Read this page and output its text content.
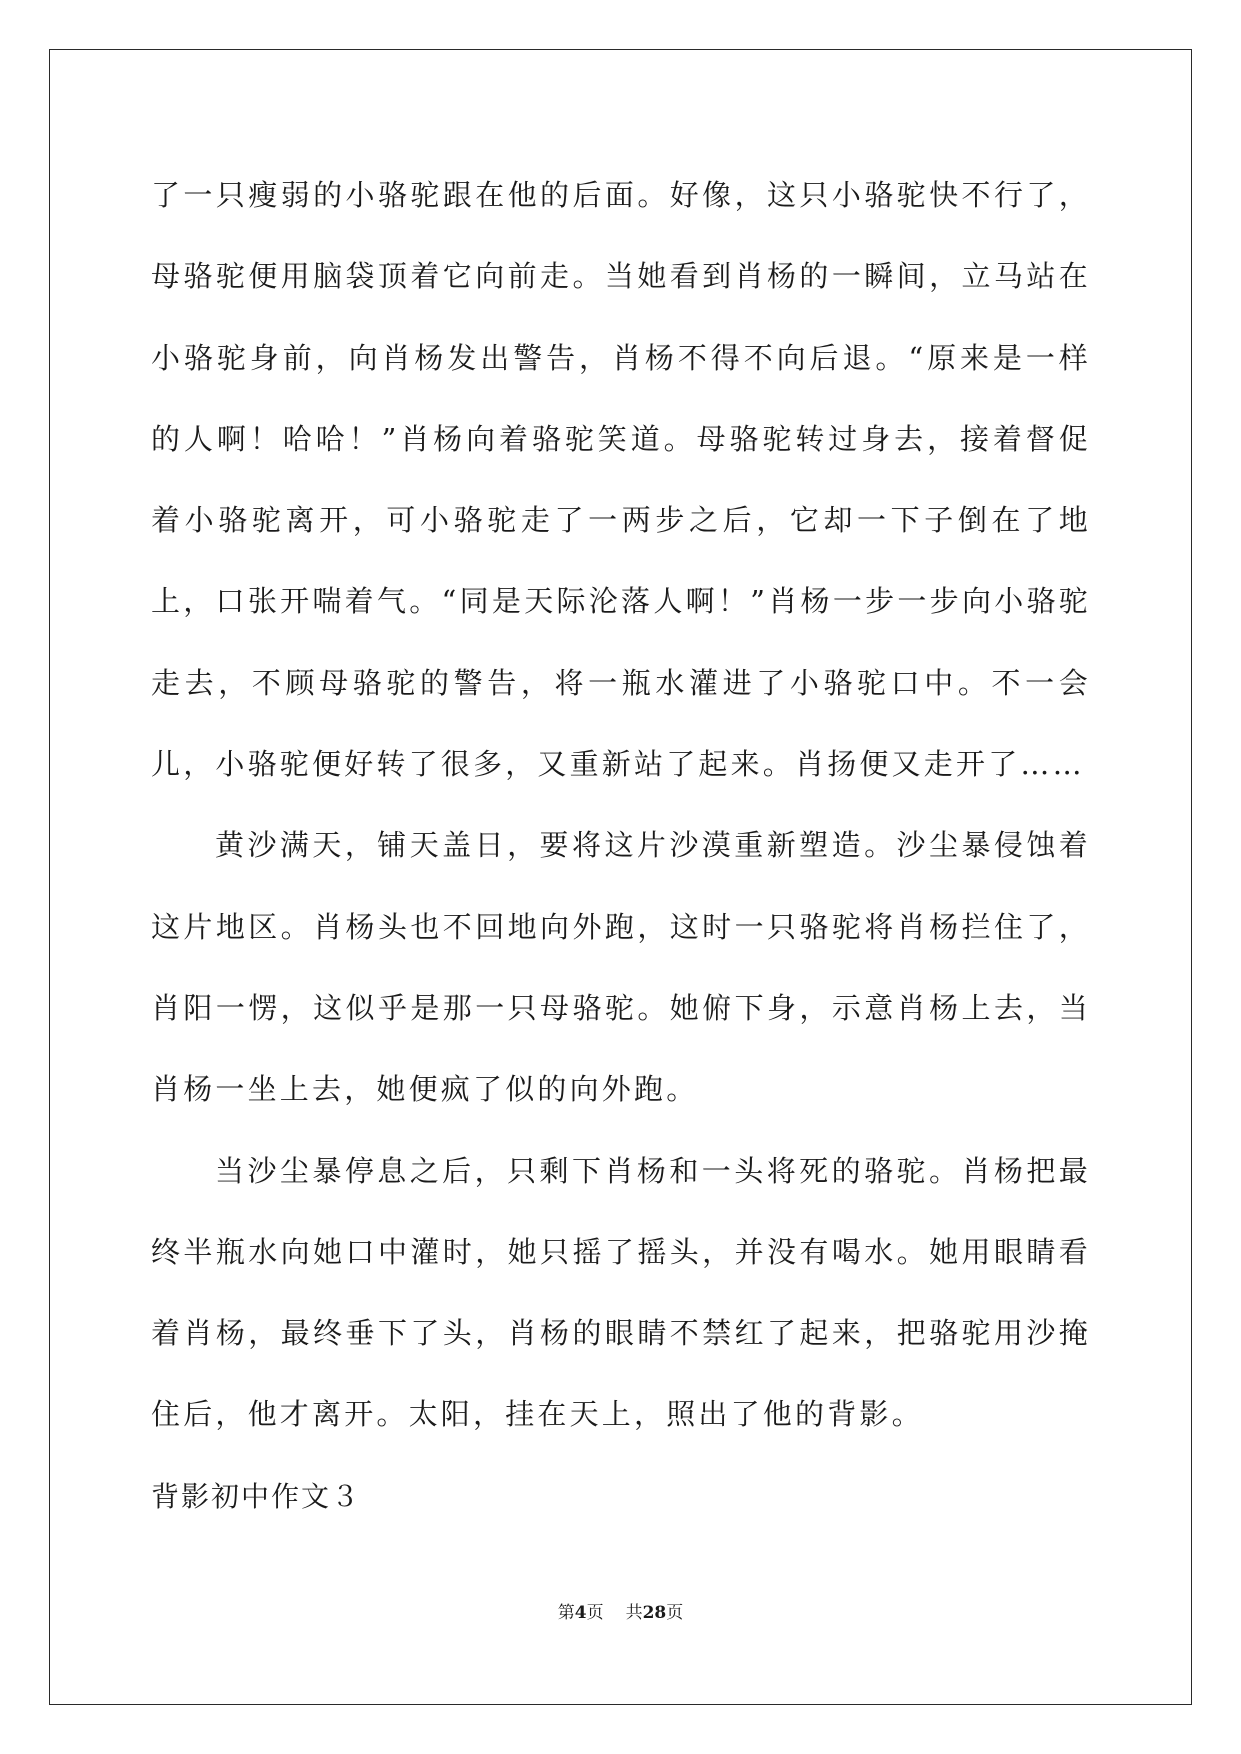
了一只瘦弱的小骆驼跟在他的后面。好像，这只小骆驼快不行了，母骆驼便用脑袋顶着它向前走。当她看到肖杨的一瞬间，立马站在小骆驼身前，向肖杨发出警告，肖杨不得不向后退。“原来是一样的人啊！哈哈！”肖杨向着骆驼笑道。母骆驼转过身去，接着督促着小骆驼离开，可小骆驼走了一两步之后，它却一下子倒在了地上，口张开喘着气。“同是天际沦落人啊！”肖杨一步一步向小骆驼走去，不顾母骆驼的警告，将一瓶水灌进了小骆驼口中。不一会儿，小骆驼便好转了很多，又重新站了起来。肖扬便又走开了……

黄沙满天，铺天盖日，要将这片沙漠重新塑造。沙尘暴侵蚀着这片地区。肖杨头也不回地向外跑，这时一只骆驼将肖杨拦住了，肖阳一愣，这似乎是那一只母骆驼。她俯下身，示意肖杨上去，当肖杨一坐上去，她便疯了似的向外跑。

当沙尘暴停息之后，只剩下肖杨和一头将死的骆驼。肖杨把最终半瓶水向她口中灌时，她只摇了摇头，并没有喝水。她用眼睛看着肖杨，最终垂下了头，肖杨的眼睛不禁红了起来，把骆驼用沙掩住后，他才离开。太阳，挂在天上，照出了他的背影。

背影初中作文３

第4页 共28页
